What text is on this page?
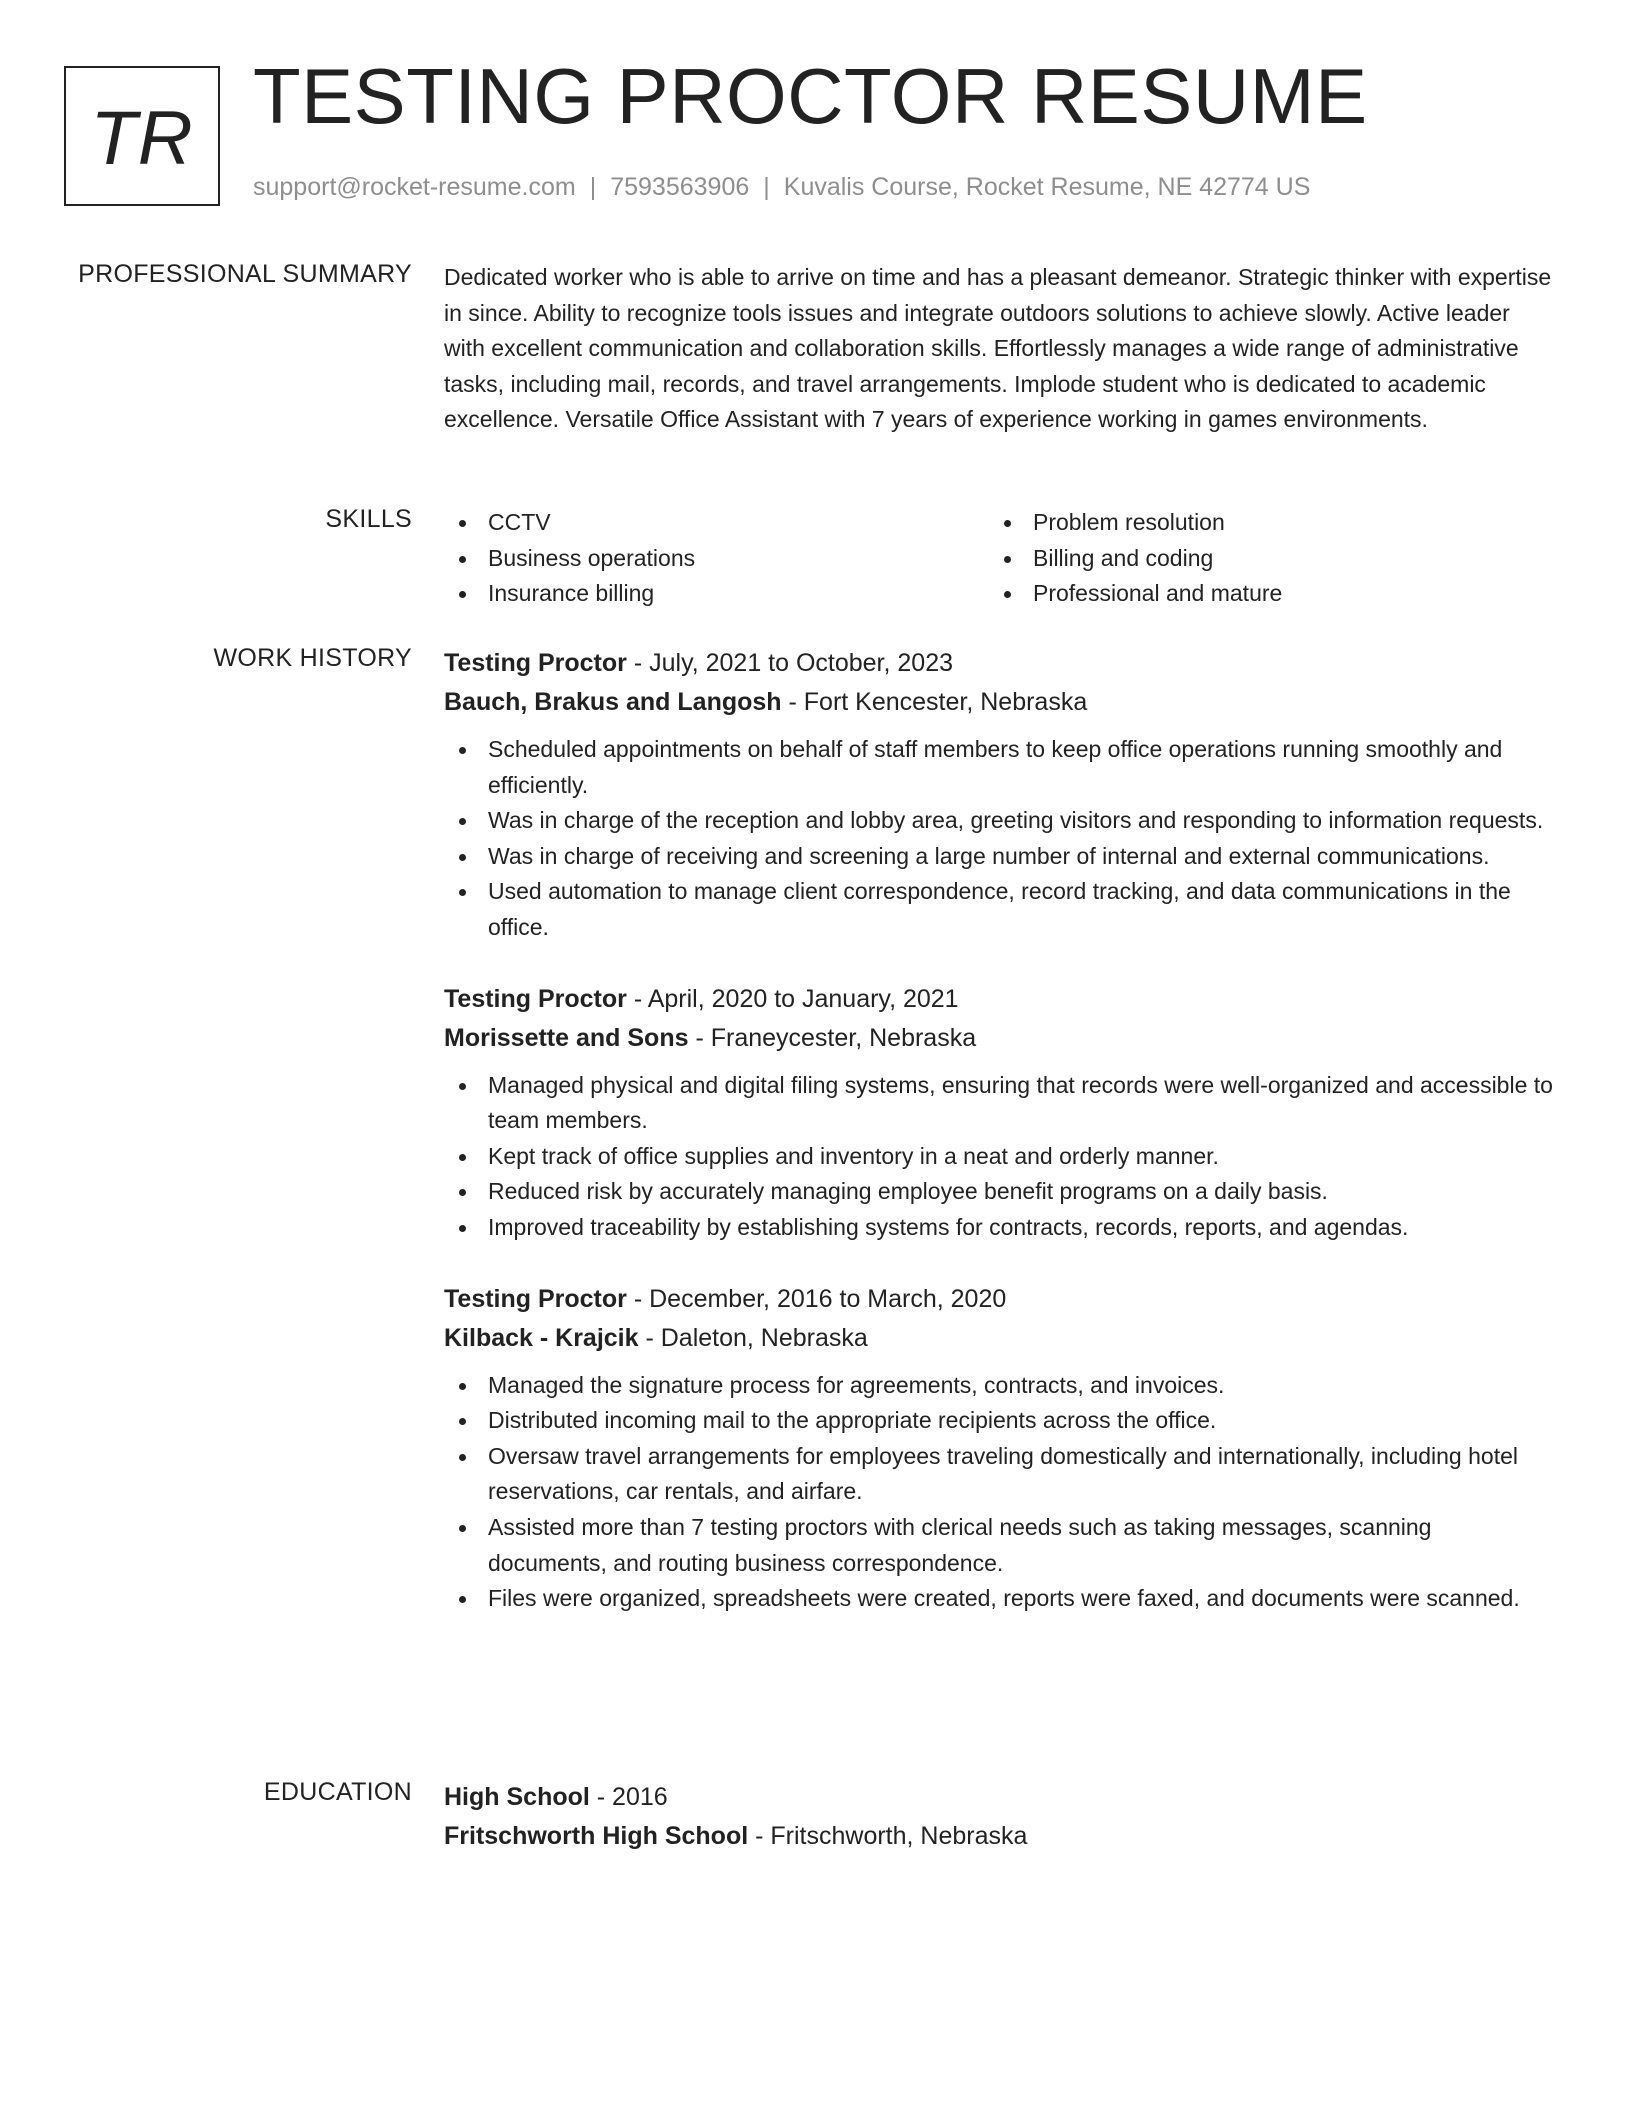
TR TESTING PROCTOR RESUME
support@rocket-resume.com | 7593563906 | Kuvalis Course, Rocket Resume, NE 42774 US
PROFESSIONAL SUMMARY Dedicated worker who is able to arrive on time and has a pleasant demeanor. Strategic thinker with expertise in since. Ability to recognize tools issues and integrate outdoors solutions to achieve slowly. Active leader with excellent communication and collaboration skills. Effortlessly manages a wide range of administrative tasks, including mail, records, and travel arrangements. Implode student who is dedicated to academic excellence. Versatile Office Assistant with 7 years of experience working in games environments.

SKILLS	CCTV
Business operations
Insurance billing
Problem resolution
Billing and coding
Professional and mature
WORK HISTORY Testing Proctor - July, 2021 to October, 2023
Bauch, Brakus and Langosh - Fort Kencester, Nebraska
Scheduled appointments on behalf of staff members to keep office operations running smoothly and efficiently.
Was in charge of the reception and lobby area, greeting visitors and responding to information requests.
Was in charge of receiving and screening a large number of internal and external communications.
Used automation to manage client correspondence, record tracking, and data communications in the office.
Testing Proctor - April, 2020 to January, 2021
Morissette and Sons - Franeycester, Nebraska
Managed physical and digital filing systems, ensuring that records were well-organized and accessible to team members.
Kept track of office supplies and inventory in a neat and orderly manner.
Reduced risk by accurately managing employee benefit programs on a daily basis.
Improved traceability by establishing systems for contracts, records, reports, and agendas.
Testing Proctor - December, 2016 to March, 2020
Kilback - Krajcik - Daleton, Nebraska
Managed the signature process for agreements, contracts, and invoices.
Distributed incoming mail to the appropriate recipients across the office.
Oversaw travel arrangements for employees traveling domestically and internationally, including hotel reservations, car rentals, and airfare.
Assisted more than 7 testing proctors with clerical needs such as taking messages, scanning documents, and routing business correspondence.
Files were organized, spreadsheets were created, reports were faxed, and documents were scanned.
EDUCATION High School - 2016
Fritschworth High School - Fritschworth, Nebraska
